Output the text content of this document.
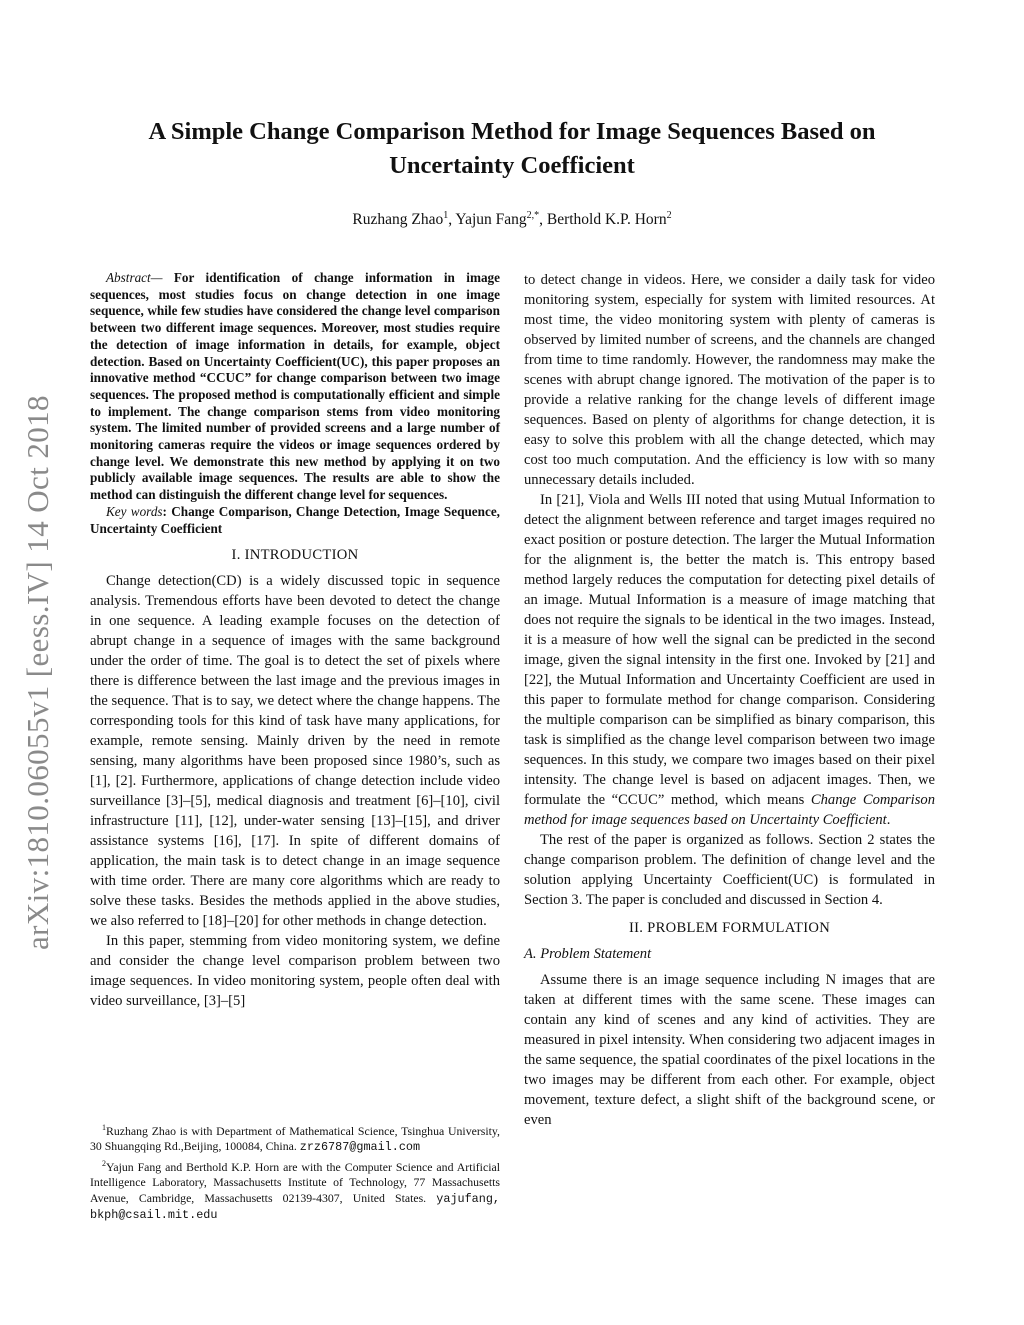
arXiv:1810.06055v1 [eess.IV] 14 Oct 2018
A Simple Change Comparison Method for Image Sequences Based on
Uncertainty Coefficient
Ruzhang Zhao$^1$, Yajun Fang$^{2,*}$, Berthold K.P. Horn$^2$

Abstract— For identification of change information in image sequences, most studies focus on change detection in one image sequence, while few studies have considered the change level comparison between two different image sequences. Moreover, most studies require the detection of image information in details, for example, object detection. Based on Uncertainty Coefficient(UC), this paper proposes an innovative method “CCUC” for change comparison between two image sequences. The proposed method is computationally efficient and simple to implement. The change comparison stems from video monitoring system. The limited number of provided screens and a large number of monitoring cameras require the videos or image sequences ordered by change level. We demonstrate this new method by applying it on two publicly available image sequences. The results are able to show the method can distinguish the different change level for sequences.

Key words: Change Comparison, Change Detection, Image Sequence, Uncertainty Coefficient

I. INTRODUCTION

Change detection(CD) is a widely discussed topic in sequence analysis. Tremendous efforts have been devoted to detect the change in one sequence. A leading example focuses on the detection of abrupt change in a sequence of images with the same background under the order of time. The goal is to detect the set of pixels where there is difference between the last image and the previous images in the sequence. That is to say, we detect where the change happens. The corresponding tools for this kind of task have many applications, for example, remote sensing. Mainly driven by the need in remote sensing, many algorithms have been proposed since 1980’s, such as [1], [2]. Furthermore, applications of change detection include video surveillance [3]–[5], medical diagnosis and treatment [6]–[10], civil infrastructure [11], [12], under-water sensing [13]–[15], and driver assistance systems [16], [17]. In spite of different domains of application, the main task is to detect change in an image sequence with time order. There are many core algorithms which are ready to solve these tasks. Besides the methods applied in the above studies, we also referred to [18]–[20] for other methods in change detection.

In this paper, stemming from video monitoring system, we define and consider the change level comparison problem between two image sequences. In video monitoring system, people often deal with video surveillance, [3]–[5]

$^1$Ruzhang Zhao is with Department of Mathematical Science, Tsinghua University, 30 Shuangqing Rd.,Beijing, 100084, China. zrz6787@gmail.com

$^2$Yajun Fang and Berthold K.P. Horn are with the Computer Science and Artificial Intelligence Laboratory, Massachusetts Institute of Technology, 77 Massachusetts Avenue, Cambridge, Massachusetts 02139-4307, United States. yajufang, bkph@csail.mit.edu

to detect change in videos. Here, we consider a daily task for video monitoring system, especially for system with limited resources. At most time, the video monitoring system with plenty of cameras is observed by limited number of screens, and the channels are changed from time to time randomly. However, the randomness may make the scenes with abrupt change ignored. The motivation of the paper is to provide a relative ranking for the change levels of different image sequences. Based on plenty of algorithms for change detection, it is easy to solve this problem with all the change detected, which may cost too much computation. And the efficiency is low with so many unnecessary details included.

In [21], Viola and Wells III noted that using Mutual Information to detect the alignment between reference and target images required no exact position or posture detection. The larger the Mutual Information for the alignment is, the better the match is. This entropy based method largely reduces the computation for detecting pixel details of an image. Mutual Information is a measure of image matching that does not require the signals to be identical in the two images. Instead, it is a measure of how well the signal can be predicted in the second image, given the signal intensity in the first one. Invoked by [21] and [22], the Mutual Information and Uncertainty Coefficient are used in this paper to formulate method for change comparison. Considering the multiple comparison can be simplified as binary comparison, this task is simplified as the change level comparison between two image sequences. In this study, we compare two images based on their pixel intensity. The change level is based on adjacent images. Then, we formulate the “CCUC” method, which means Change Comparison method for image sequences based on Uncertainty Coefficient.

The rest of the paper is organized as follows. Section 2 states the change comparison problem. The definition of change level and the solution applying Uncertainty Coefficient(UC) is formulated in Section 3. The paper is concluded and discussed in Section 4.

II. PROBLEM FORMULATION
A. Problem Statement

Assume there is an image sequence including N images that are taken at different times with the same scene. These images can contain any kind of scenes and any kind of activities. They are measured in pixel intensity. When considering two adjacent images in the same sequence, the spatial coordinates of the pixel locations in the two images may be different from each other. For example, object movement, texture defect, a slight shift of the background scene, or even
